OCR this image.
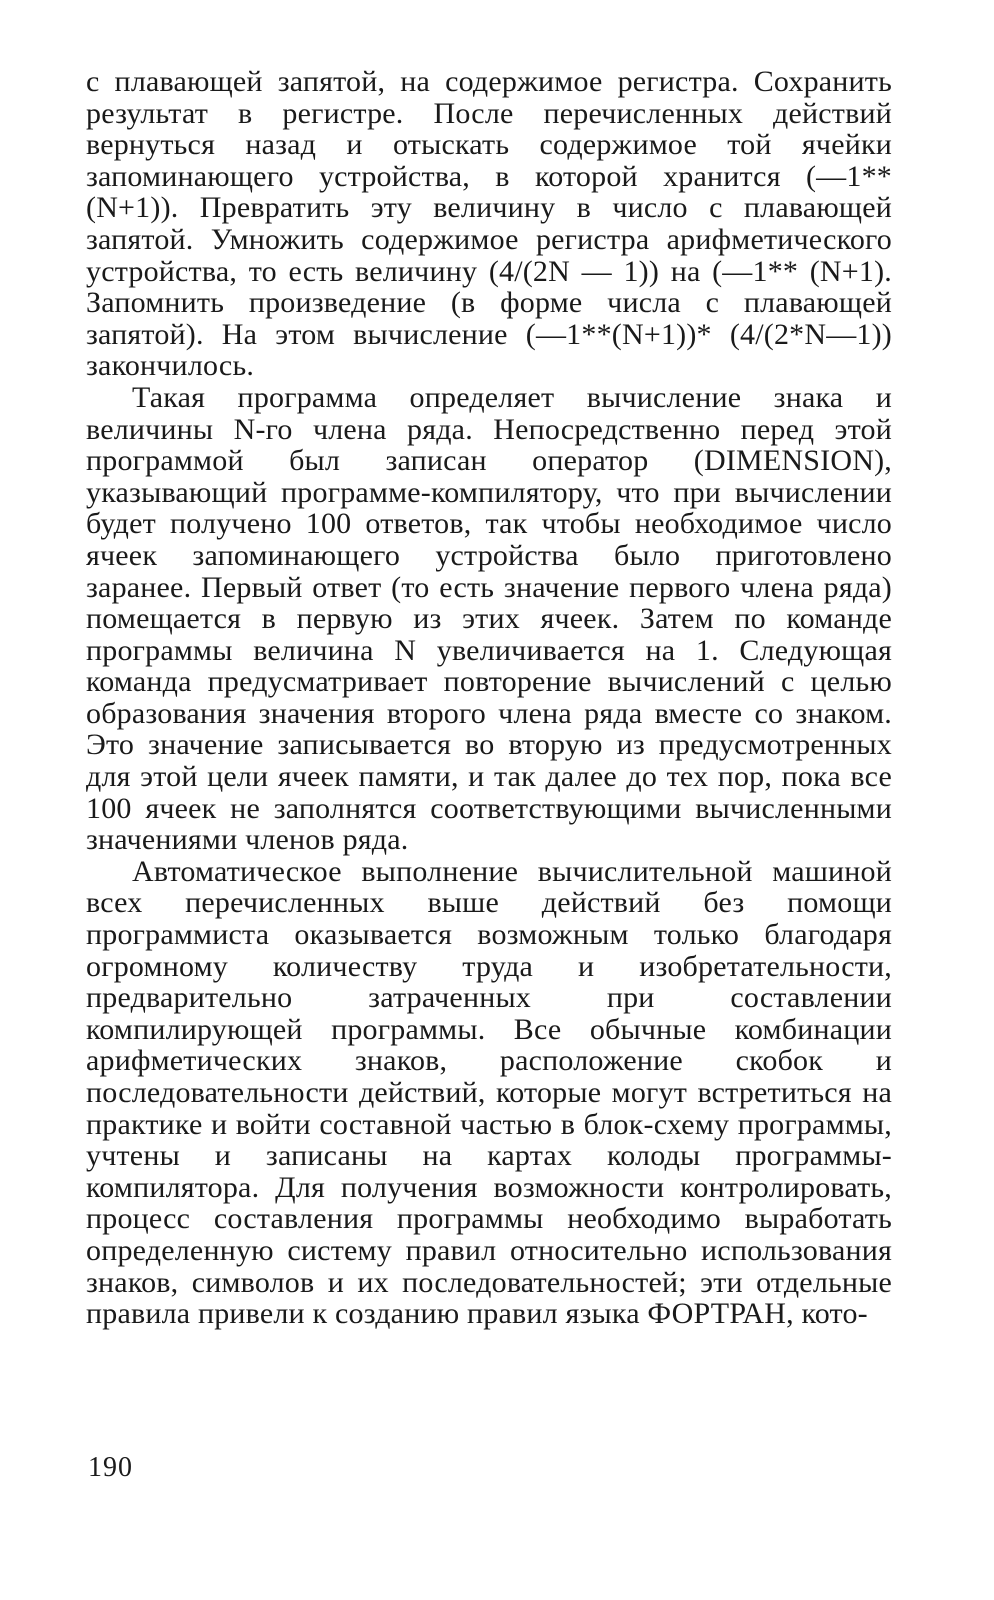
с плавающей запятой, на содержимое регистра. Сохранить результат в регистре. После перечисленных действий вернуться назад и отыскать содержимое той ячейки запоминающего устройства, в которой хранится (—1**(N+1)). Превратить эту величину в число с плавающей запятой. Умножить содержимое регистра арифметического устройства, то есть величину (4/(2N — 1)) на (—1** (N+1). Запомнить произведение (в форме числа с плавающей запятой). На этом вычисление (—1**(N+1))* (4/(2*N—1)) закончилось.

Такая программа определяет вычисление знака и величины N-го члена ряда. Непосредственно перед этой программой был записан оператор (DIMENSION), указывающий программе-компилятору, что при вычислении будет получено 100 ответов, так чтобы необходимое число ячеек запоминающего устройства было приготовлено заранее. Первый ответ (то есть значение первого члена ряда) помещается в первую из этих ячеек. Затем по команде программы величина N увеличивается на 1. Следующая команда предусматривает повторение вычислений с целью образования значения второго члена ряда вместе со знаком. Это значение записывается во вторую из предусмотренных для этой цели ячеек памяти, и так далее до тех пор, пока все 100 ячеек не заполнятся соответствующими вычисленными значениями членов ряда.

Автоматическое выполнение вычислительной машиной всех перечисленных выше действий без помощи программиста оказывается возможным только благодаря огромному количеству труда и изобретательности, предварительно затраченных при составлении компилирующей программы. Все обычные комбинации арифметических знаков, расположение скобок и последовательности действий, которые могут встретиться на практике и войти составной частью в блок-схему программы, учтены и записаны на картах колоды программы-компилятора. Для получения возможности контролировать, процесс составления программы необходимо выработать определенную систему правил относительно использования знаков, символов и их последовательностей; эти отдельные правила привели к созданию правил языка ФОРТРАН, кото-

190
